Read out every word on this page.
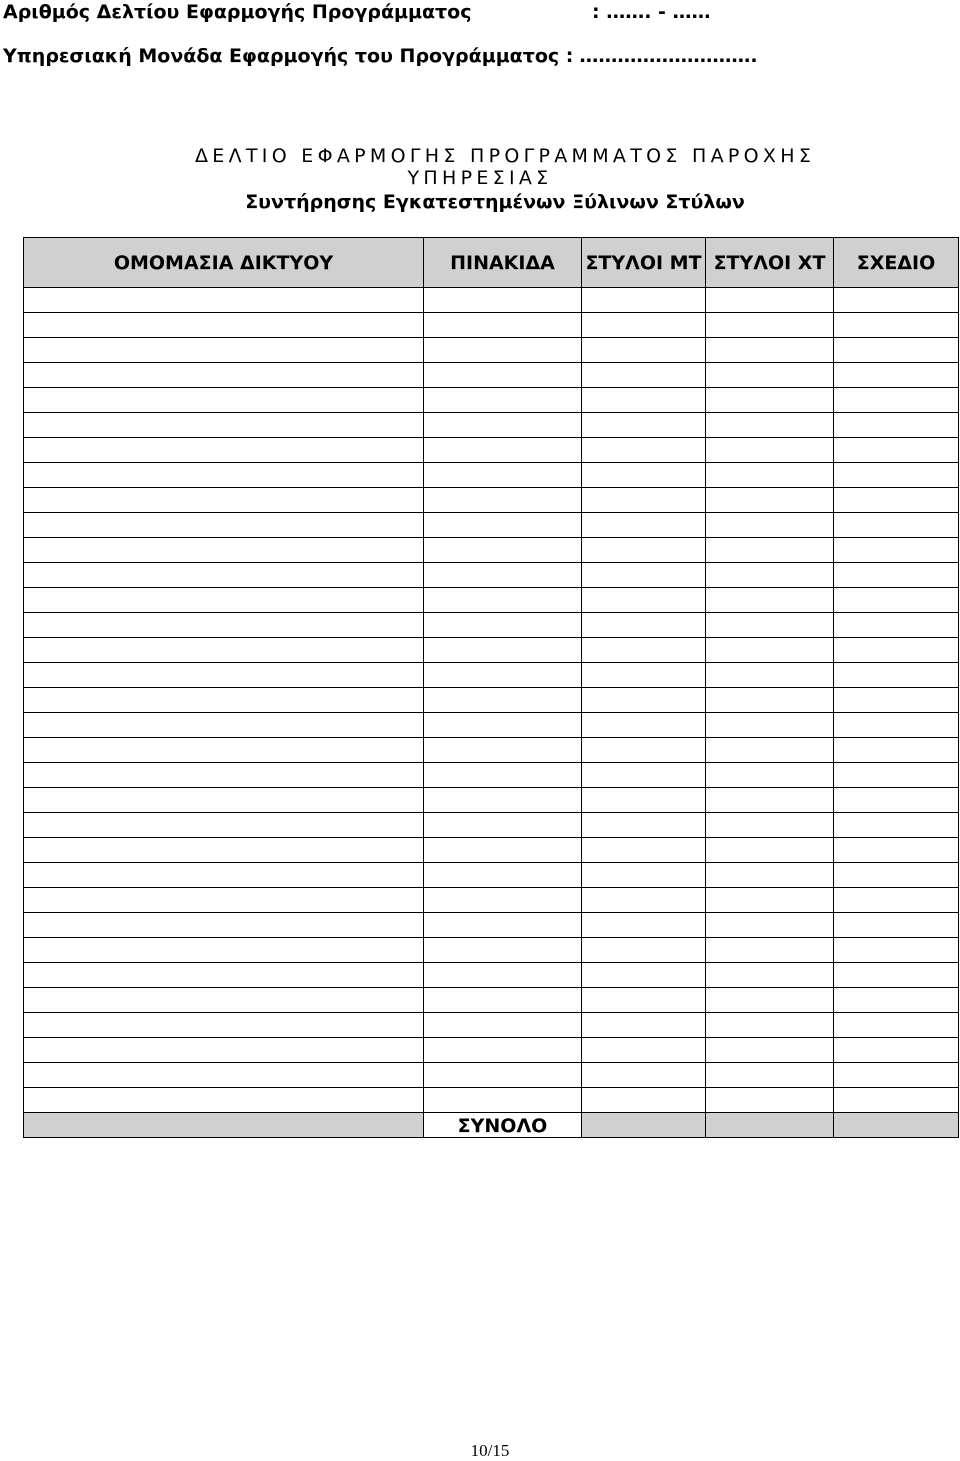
Αριθμός Δελτίου Εφαρμογής Προγράμματος	: ……. - ……
Υπηρεσιακή Μονάδα Εφαρμογής του Προγράμματος : ……………………….
ΔΕΛΤΙΟ ΕΦΑΡΜΟΓΗΣ ΠΡΟΓΡΑΜΜΑΤΟΣ ΠΑΡΟΧΗΣ
ΥΠΗΡΕΣΙΑΣ
Συντήρησης Εγκατεστημένων Ξύλινων Στύλων
ΟΜΟΜΑΣΙΑ ΔΙΚΤΥΟΥ	ΠΙΝΑΚΙΔΑ	ΣΤΥΛΟΙ ΜΤ	ΣΤΥΛΟΙ ΧΤ	ΣΧΕΔΙΟ

	ΣΥΝΟΛΟ			
10/15
